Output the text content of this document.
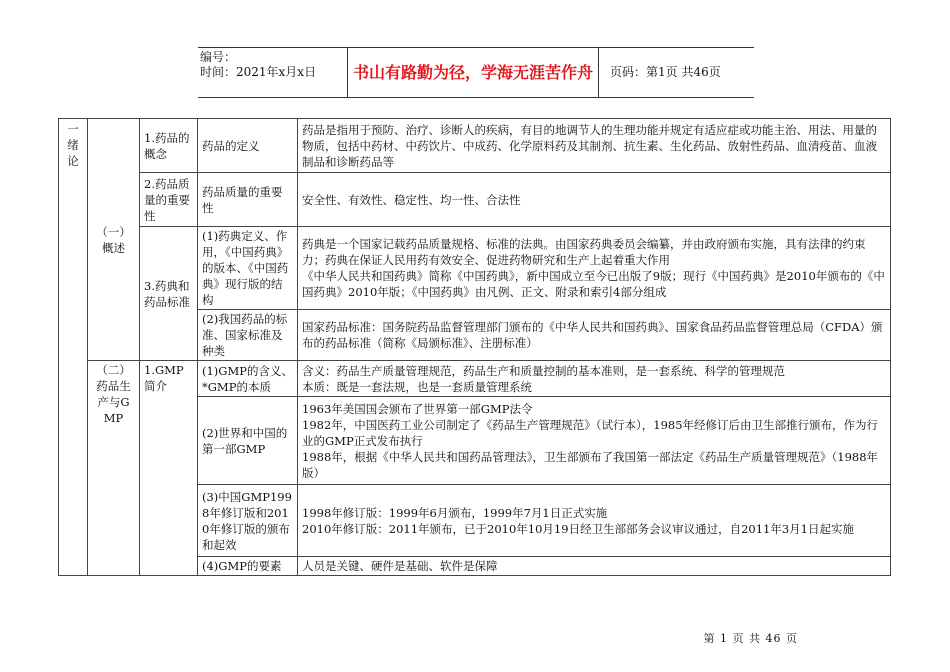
编号：
时间：2021年x月x日	书山有路勤为径，学海无涯苦作舟	页码：第1页 共46页
一 绪 论	（一）概述	1.药品的概念	药品的定义	药品是指用于预防、治疗、诊断人的疾病，有目的地调节人的生理功能并规定有适应症或功能主治、用法、用量的物质，包括中药材、中药饮片、中成药、化学原料药及其制剂、抗生素、生化药品、放射性药品、血清疫苗、血液制品和诊断药品等
		2.药品质量的重要性	药品质量的重要性	安全性、有效性、稳定性、均一性、合法性
		3.药典和药品标准	(1)药典定义、作用，《中国药典》的版本、《中国药典》现行版的结构	药典是一个国家记载药品质量规格、标准的法典。由国家药典委员会编纂，并由政府颁布实施，具有法律的约束力；药典在保证人民用药有效安全、促进药物研究和生产上起着重大作用
《中华人民共和国药典》简称《中国药典》，新中国成立至今已出版了9版；现行《中国药典》是2010年颁布的《中国药典》2010年版；《中国药典》由凡例、正文、附录和索引4部分组成
			(2)我国药品的标准、国家标准及种类	国家药品标准：国务院药品监督管理部门颁布的《中华人民共和国药典》、国家食品药品监督管理总局（CFDA）颁布的药品标准（简称《局颁标准》、注册标准）
	（二）药品生产与GMP	1.GMP简介	(1)GMP的含义、*GMP的本质	含义：药品生产质量管理规范，药品生产和质量控制的基本准则，是一套系统、科学的管理规范
本质：既是一套法规，也是一套质量管理系统
			(2)世界和中国的第一部GMP	1963年美国国会颁布了世界第一部GMP法令
1982年，中国医药工业公司制定了《药品生产管理规范》（试行本），1985年经修订后由卫生部推行颁布，作为行业的GMP正式发布执行
1988年，根据《中华人民共和国药品管理法》，卫生部颁布了我国第一部法定《药品生产质量管理规范》（1988年版）
			(3)中国GMP1998年修订版和2010年修订版的颁布和起效	1998年修订版：1999年6月颁布，1999年7月1日正式实施
2010年修订版：2011年颁布，已于2010年10月19日经卫生部部务会议审议通过，自2011年3月1日起实施
			(4)GMP的要素	人员是关键、硬件是基础、软件是保障
第 1 页 共 46 页
